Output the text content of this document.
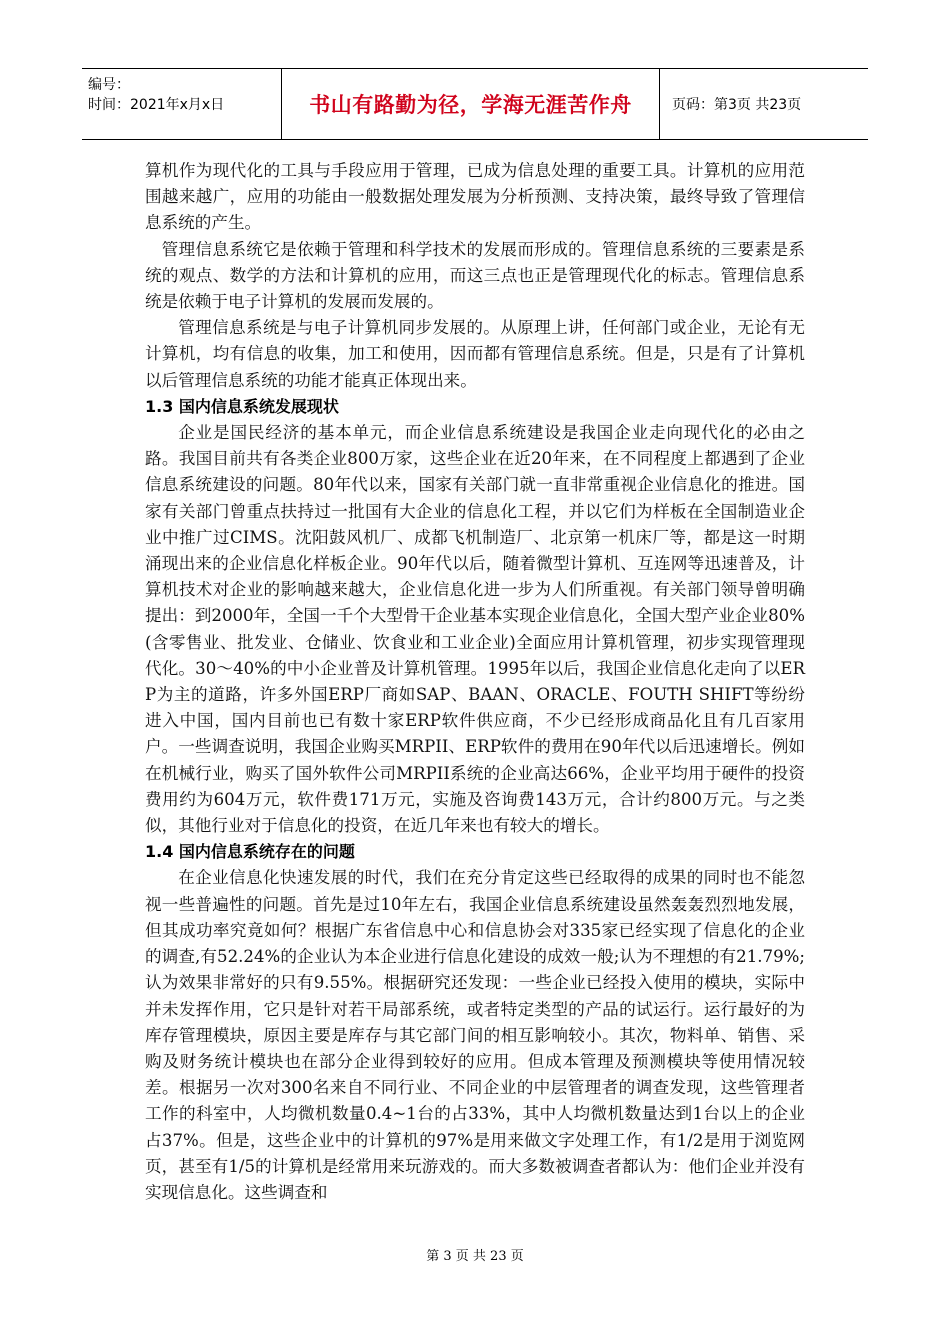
编号：
时间：2021年x月x日	书山有路勤为径，学海无涯苦作舟	页码：第3页 共23页

算机作为现代化的工具与手段应用于管理，已成为信息处理的重要工具。计算机的应用范围越来越广，应用的功能由一般数据处理发展为分析预测、支持决策，最终导致了管理信息系统的产生。

管理信息系统它是依赖于管理和科学技术的发展而形成的。管理信息系统的三要素是系统的观点、数学的方法和计算机的应用，而这三点也正是管理现代化的标志。管理信息系统是依赖于电子计算机的发展而发展的。

管理信息系统是与电子计算机同步发展的。从原理上讲，任何部门或企业，无论有无计算机，均有信息的收集，加工和使用，因而都有管理信息系统。但是，只是有了计算机以后管理信息系统的功能才能真正体现出来。

1.3 国内信息系统发展现状

企业是国民经济的基本单元，而企业信息系统建设是我国企业走向现代化的必由之路。我国目前共有各类企业800万家，这些企业在近20年来，在不同程度上都遇到了企业信息系统建设的问题。80年代以来，国家有关部门就一直非常重视企业信息化的推进。国家有关部门曾重点扶持过一批国有大企业的信息化工程，并以它们为样板在全国制造业企业中推广过CIMS。沈阳鼓风机厂、成都飞机制造厂、北京第一机床厂等，都是这一时期涌现出来的企业信息化样板企业。90年代以后，随着微型计算机、互连网等迅速普及，计算机技术对企业的影响越来越大，企业信息化进一步为人们所重视。有关部门领导曾明确提出：到2000年，全国一千个大型骨干企业基本实现企业信息化，全国大型产业企业80%(含零售业、批发业、仓储业、饮食业和工业企业)全面应用计算机管理，初步实现管理现代化。30～40%的中小企业普及计算机管理。1995年以后，我国企业信息化走向了以ERP为主的道路，许多外国ERP厂商如SAP、BAAN、ORACLE、FOUTH SHIFT等纷纷进入中国，国内目前也已有数十家ERP软件供应商，不少已经形成商品化且有几百家用户。一些调查说明，我国企业购买MRPII、ERP软件的费用在90年代以后迅速增长。例如在机械行业，购买了国外软件公司MRPII系统的企业高达66%，企业平均用于硬件的投资费用约为604万元，软件费171万元，实施及咨询费143万元，合计约800万元。与之类似，其他行业对于信息化的投资，在近几年来也有较大的增长。

1.4 国内信息系统存在的问题

在企业信息化快速发展的时代，我们在充分肯定这些已经取得的成果的同时也不能忽视一些普遍性的问题。首先是过10年左右，我国企业信息系统建设虽然轰轰烈烈地发展，但其成功率究竟如何？根据广东省信息中心和信息协会对335家已经实现了信息化的企业的调查,有52.24%的企业认为本企业进行信息化建设的成效一般;认为不理想的有21.79%;认为效果非常好的只有9.55%。根据研究还发现：一些企业已经投入使用的模块，实际中并未发挥作用，它只是针对若干局部系统，或者特定类型的产品的试运行。运行最好的为库存管理模块，原因主要是库存与其它部门间的相互影响较小。其次，物料单、销售、采购及财务统计模块也在部分企业得到较好的应用。但成本管理及预测模块等使用情况较差。根据另一次对300名来自不同行业、不同企业的中层管理者的调查发现，这些管理者工作的科室中，人均微机数量0.4~1台的占33%，其中人均微机数量达到1台以上的企业占37%。但是，这些企业中的计算机的97%是用来做文字处理工作，有1/2是用于浏览网页，甚至有1/5的计算机是经常用来玩游戏的。而大多数被调查者都认为：他们企业并没有实现信息化。这些调查和

第 3 页 共 23 页
